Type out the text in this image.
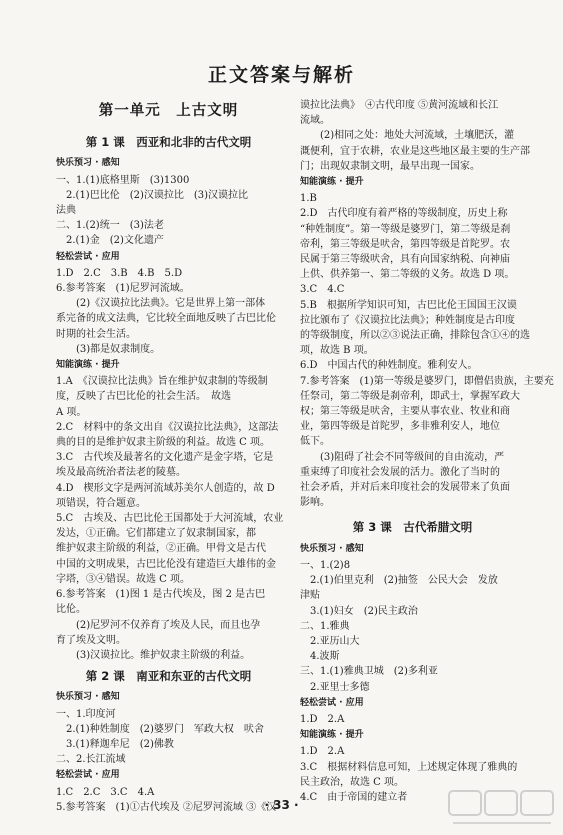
正文答案与解析
第一单元　上古文明
第 1 课　西亚和北非的古代文明
快乐预习 · 感知
一、1.(1)底格里斯　(3)1300
2.(1)巴比伦　(2)汉谟拉比　(3)汉谟拉比
法典
二、1.(2)统一　(3)法老
2.(1)金　(2)文化遗产
轻松尝试 · 应用
1.D　2.C　3.B　4.B　5.D
6.参考答案　(1)尼罗河流域。
(2)《汉谟拉比法典》。它是世界上第一部体
系完备的成文法典，它比较全面地反映了古巴比伦
时期的社会生活。
(3)都是奴隶制度。
知能演练 · 提升
1.A　《汉谟拉比法典》旨在维护奴隶制的等级制
度，反映了古巴比伦的社会生活。　故选
A 项。
2.C　材料中的条文出自《汉谟拉比法典》，这部法
典的目的是维护奴隶主阶级的利益。故选 C 项。
3.C　古代埃及最著名的文化遗产是金字塔，它是
埃及最高统治者法老的陵墓。
4.D　楔形文字是两河流域苏美尔人创造的，故 D
项错误，符合题意。
5.C　古埃及、古巴比伦王国都处于大河流域，农业
发达，①正确。它们都建立了奴隶制国家，都
维护奴隶主阶级的利益，②正确。甲骨文是古代
中国的文明成果，古巴比伦没有建造巨大雄伟的金
字塔，③④错误。故选 C 项。
6.参考答案　(1)图 1 是古代埃及，图 2 是古巴
比伦。
(2)尼罗河不仅养育了埃及人民，而且也孕
育了埃及文明。
(3)汉谟拉比。维护奴隶主阶级的利益。
第 2 课　南亚和东亚的古代文明
快乐预习 · 感知
一、1.印度河
2.(1)种姓制度　(2)婆罗门　军政大权　吠舍
3.(1)释迦牟尼　(2)佛教
二、2.长江流域
轻松尝试 · 应用
1.C　2.C　3.C　4.A
5.参考答案　(1)①古代埃及 ②尼罗河流域 ③《汉
谟拉比法典》　④古代印度 ⑤黄河流域和长江
流域。
(2)相同之处：地处大河流域，土壤肥沃，灌
溉便利，宜于农耕，农业是这些地区最主要的生产部
门；出现奴隶制文明，最早出现一国家。
知能演练 · 提升
1.B
2.D　古代印度有着严格的等级制度，历史上称
“种姓制度”。第一等级是婆罗门，第二等级是刹
帝利，第三等级是吠舍，第四等级是首陀罗。农
民属于第三等级吠舍，具有向国家纳税、向神庙
上供、供养第一、第二等级的义务。故选 D 项。
3.C　4.C
5.B　根据所学知识可知，古巴比伦王国国王汉谟
拉比颁布了《汉谟拉比法典》；种姓制度是古印度
的等级制度，所以②③说法正确，排除包含①④的选
项，故选 B 项。
6.D　中国古代的种姓制度。雅利安人。
7.参考答案　(1)第一等级是婆罗门，即僧侣贵族，主要充
任祭司，第二等级是刹帝利，即武士，掌握军政大
权；第三等级是吠舍，主要从事农业、牧业和商
业，第四等级是首陀罗，多非雅利安人，地位
低下。
(3)阻碍了社会不同等级间的自由流动，严
重束缚了印度社会发展的活力。激化了当时的
社会矛盾，并对后来印度社会的发展带来了负面
影响。
第 3 课　古代希腊文明
快乐预习 · 感知
一、1.(2)8
2.(1)伯里克利　(2)抽签　公民大会　发放
津贴
3.(1)妇女　(2)民主政治
二、1.雅典
2.亚历山大
4.波斯
三、1.(1)雅典卫城　(2)多利亚
2.亚里士多德
轻松尝试 · 应用
1.D　2.A
知能演练 · 提升
1.D　2.A
3.C　根据材料信息可知，上述规定体现了雅典的
民主政治，故选 C 项。
4.C　由于帝国的建立者
· 33 ·
